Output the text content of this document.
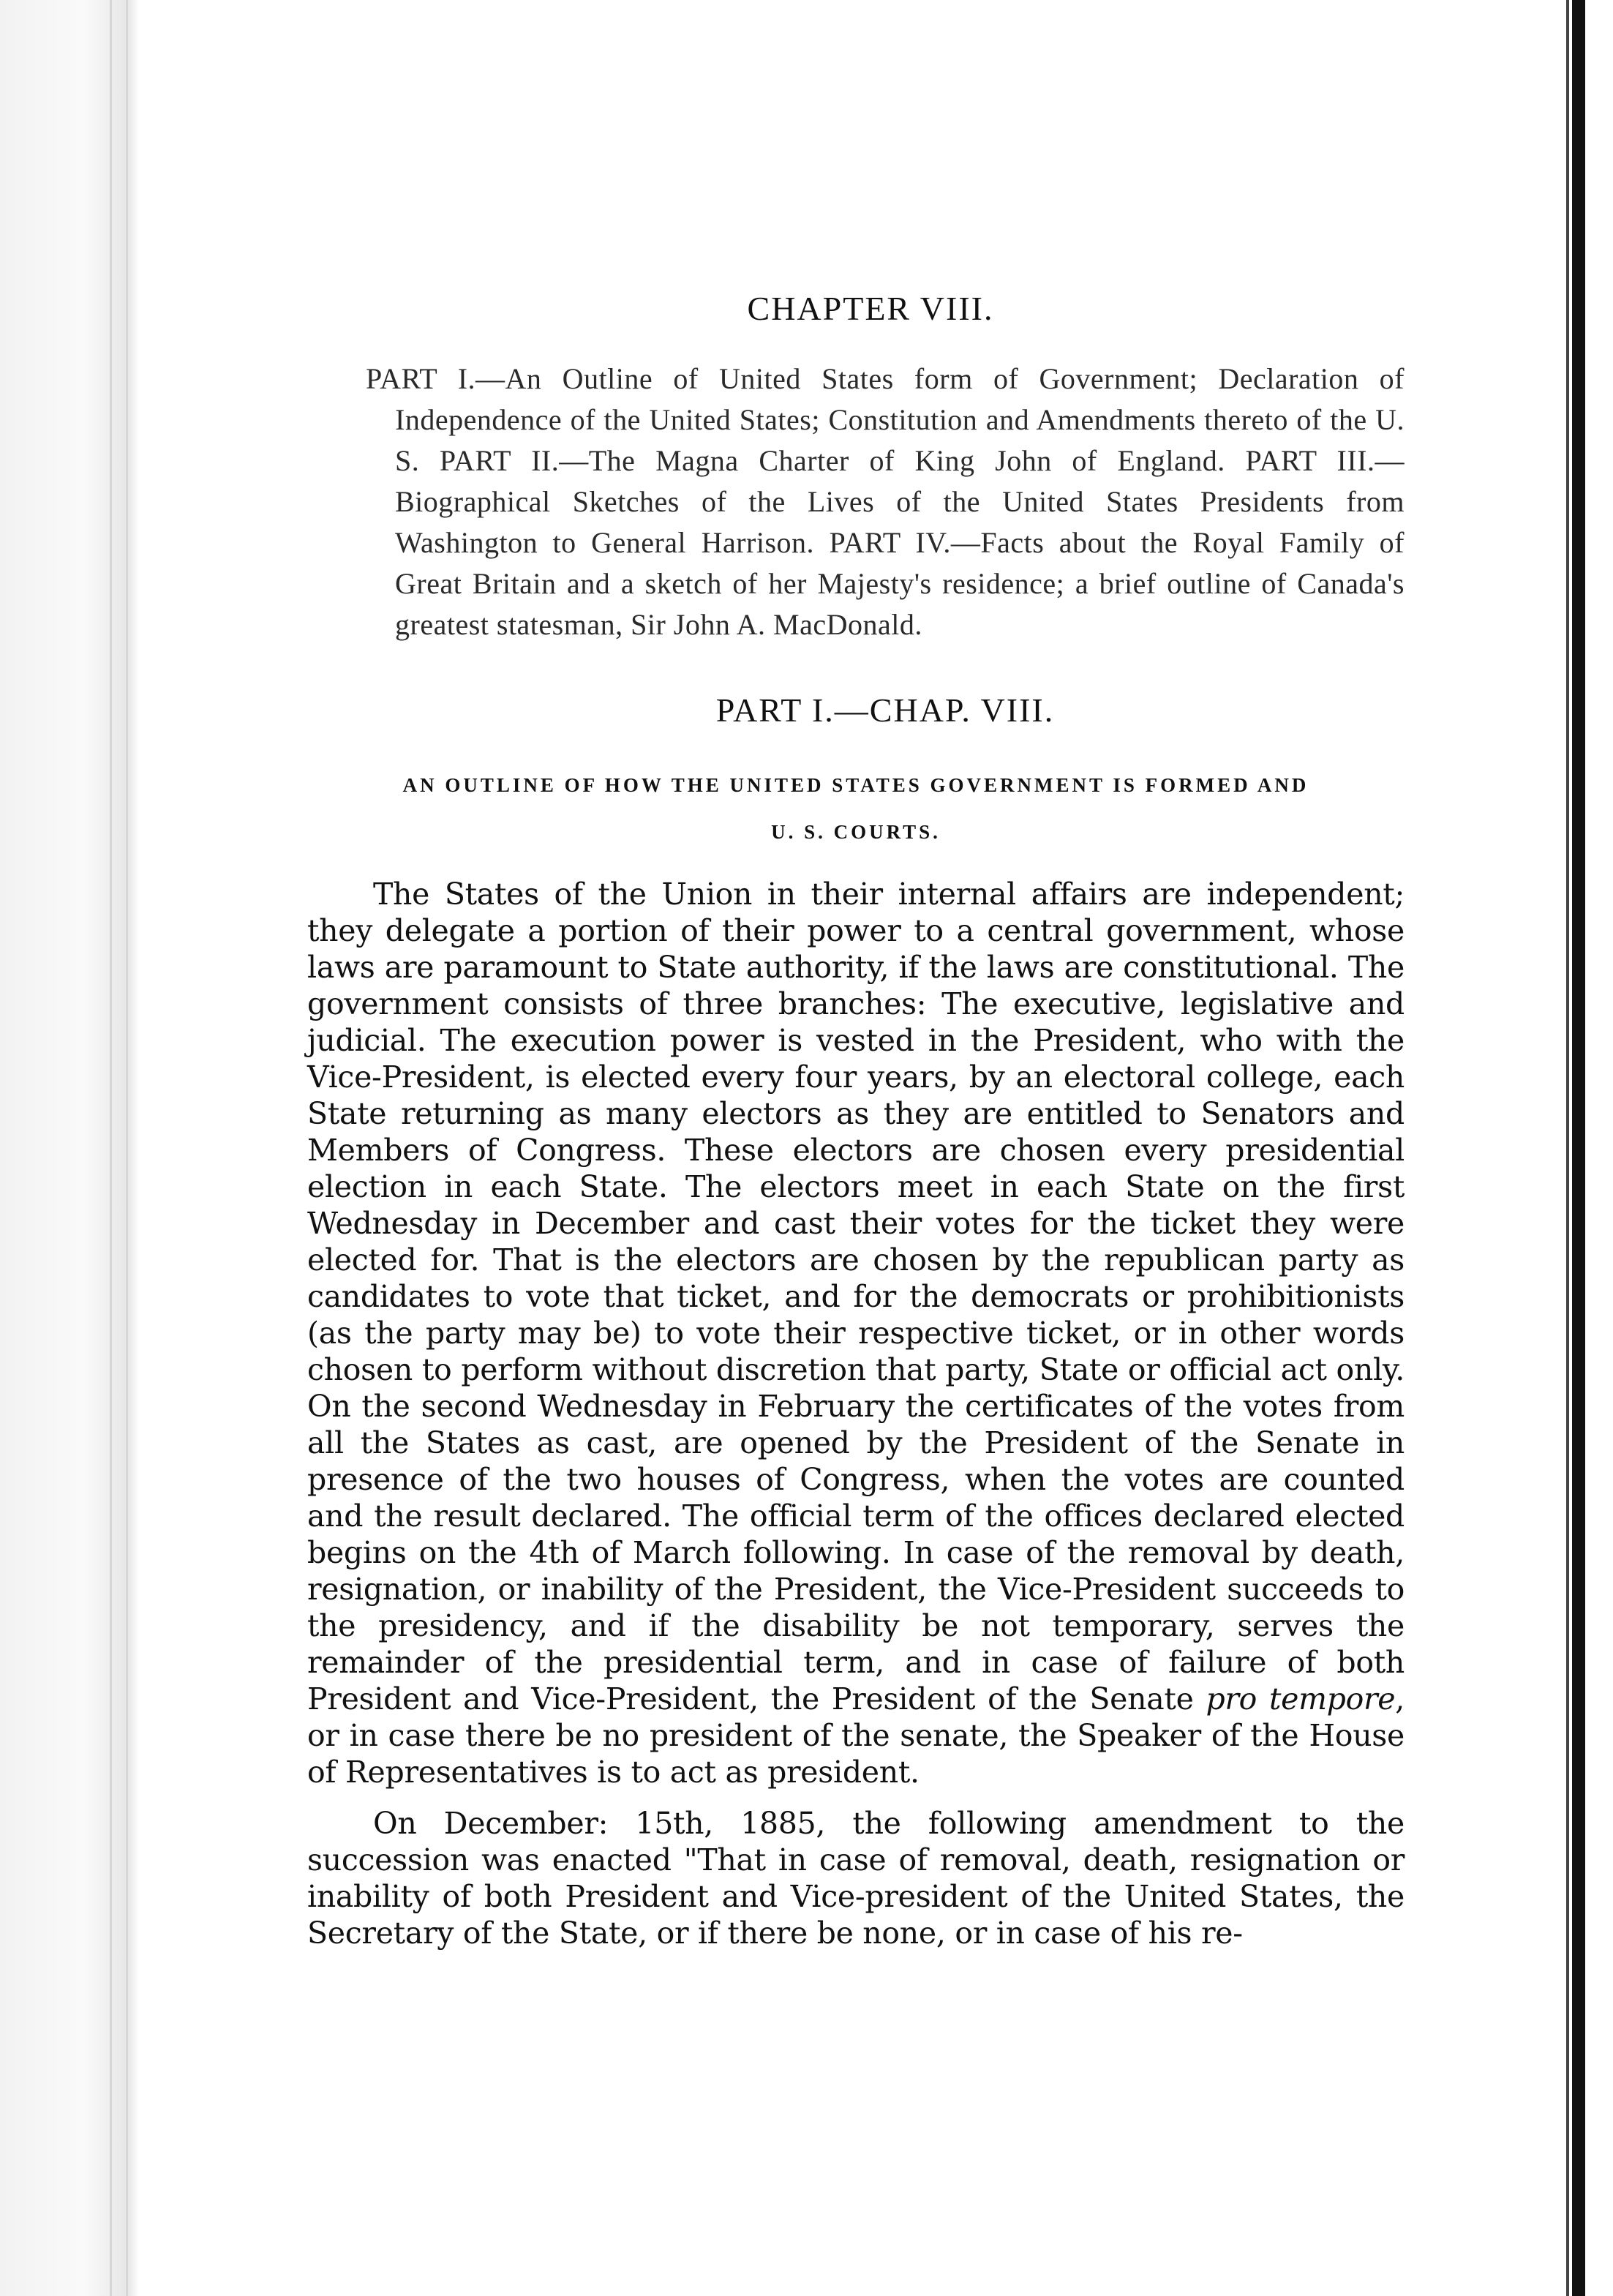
CHAPTER VIII.

PART I.—An Outline of United States form of Government; Declaration of Independence of the United States; Constitution and Amendments thereto of the U. S. PART II.—The Magna Charter of King John of England. PART III.—Biographical Sketches of the Lives of the United States Presidents from Washington to General Harrison. PART IV.—Facts about the Royal Family of Great Britain and a sketch of her Majesty's residence; a brief outline of Canada's greatest statesman, Sir John A. MacDonald.

PART I.—CHAP. VIII.
AN OUTLINE OF HOW THE UNITED STATES GOVERNMENT IS FORMED AND
U. S. COURTS.

The States of the Union in their internal affairs are independent; they delegate a portion of their power to a central government, whose laws are paramount to State authority, if the laws are constitutional. The government consists of three branches: The executive, legislative and judicial. The execution power is vested in the President, who with the Vice-President, is elected every four years, by an electoral college, each State returning as many electors as they are entitled to Senators and Members of Congress. These electors are chosen every presidential election in each State. The electors meet in each State on the first Wednesday in December and cast their votes for the ticket they were elected for. That is the electors are chosen by the republican party as candidates to vote that ticket, and for the democrats or prohibitionists (as the party may be) to vote their respective ticket, or in other words chosen to perform without discretion that party, State or official act only. On the second Wednesday in February the certificates of the votes from all the States as cast, are opened by the President of the Senate in presence of the two houses of Congress, when the votes are counted and the result declared. The official term of the offices declared elected begins on the 4th of March following. In case of the removal by death, resignation, or inability of the President, the Vice-President succeeds to the presidency, and if the disability be not temporary, serves the remainder of the presidential term, and in case of failure of both President and Vice-President, the President of the Senate pro tempore, or in case there be no president of the senate, the Speaker of the House of Representatives is to act as president.

On December: 15th, 1885, the following amendment to the succession was enacted "That in case of removal, death, resignation or inability of both President and Vice-president of the United States, the Secretary of the State, or if there be none, or in case of his re-
